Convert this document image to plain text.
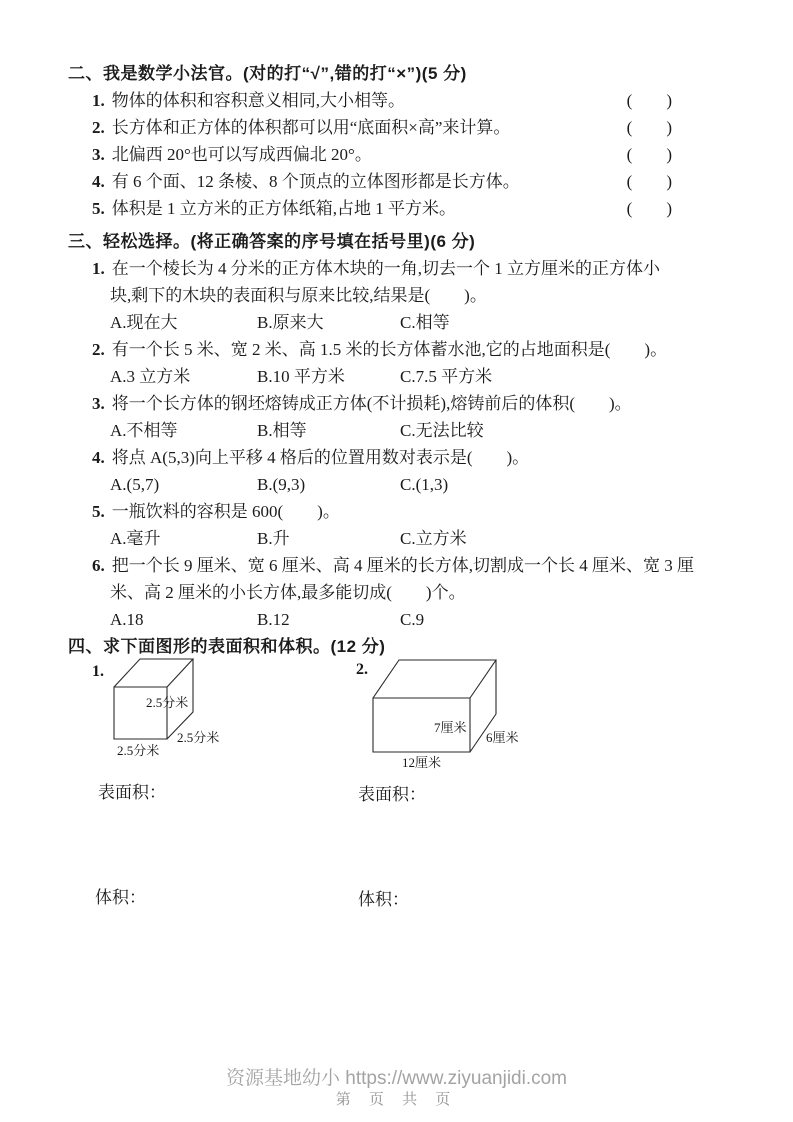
二、我是数学小法官。(对的打“√”,错的打“×”)(5 分)
1. 物体的体积和容积意义相同,大小相等。	(　　)
2. 长方体和正方体的体积都可以用“底面积×高”来计算。	(　　)
3. 北偏西 20°也可以写成西偏北 20°。	(　　)
4. 有 6 个面、12 条棱、8 个顶点的立体图形都是长方体。	(　　)
5. 体积是 1 立方米的正方体纸箱,占地 1 平方米。	(　　)
三、轻松选择。(将正确答案的序号填在括号里)(6 分)
1. 在一个棱长为 4 分米的正方体木块的一角,切去一个 1 立方厘米的正方体小
块,剩下的木块的表面积与原来比较,结果是(　　)。
A.现在大	B.原来大	C.相等
2. 有一个长 5 米、宽 2 米、高 1.5 米的长方体蓄水池,它的占地面积是(　　)。
A.3 立方米	B.10 平方米	C.7.5 平方米
3. 将一个长方体的钢坯熔铸成正方体(不计损耗),熔铸前后的体积(　　)。
A.不相等	B.相等	C.无法比较
4. 将点 A(5,3)向上平移 4 格后的位置用数对表示是(　　)。
A.(5,7)	B.(9,3)	C.(1,3)
5. 一瓶饮料的容积是 600(　　)。
A.毫升	B.升	C.立方米
6. 把一个长 9 厘米、宽 6 厘米、高 4 厘米的长方体,切割成一个长 4 厘米、宽 3 厘
米、高 2 厘米的小长方体,最多能切成(　　)个。
A.18	B.12	C.9
四、求下面图形的表面积和体积。(12 分)
1.
2.5分米
2.5分米
2.5分米
2.
7厘米
6厘米
12厘米
表面积：	表面积：
体积：	体积：
资源基地幼小 https://www.ziyuanjidi.com
第 页 共 页
